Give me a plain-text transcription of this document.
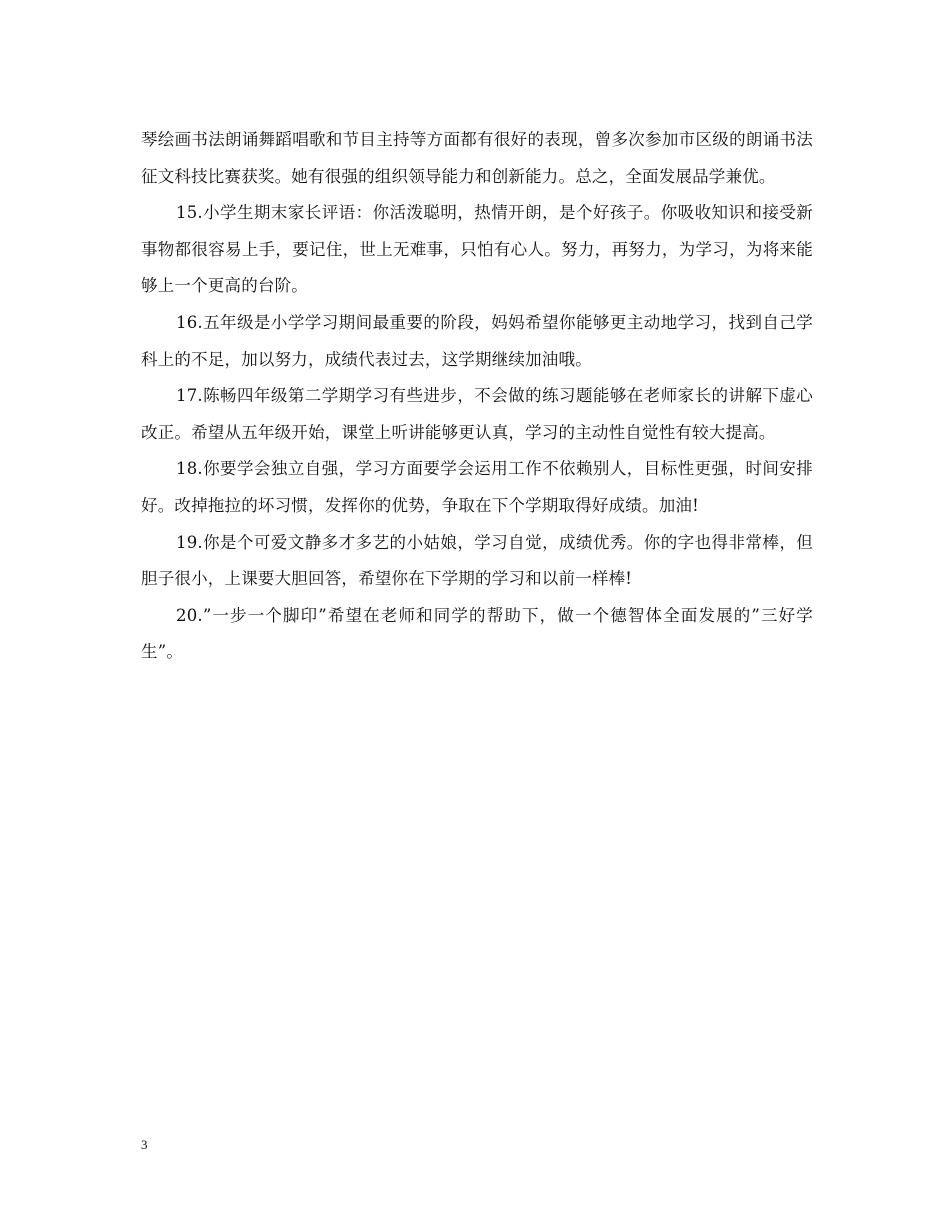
琴绘画书法朗诵舞蹈唱歌和节目主持等方面都有很好的表现，曾多次参加市区级的朗诵书法征文科技比赛获奖。她有很强的组织领导能力和创新能力。总之，全面发展品学兼优。

15.小学生期末家长评语：你活泼聪明，热情开朗，是个好孩子。你吸收知识和接受新事物都很容易上手，要记住，世上无难事，只怕有心人。努力，再努力，为学习，为将来能够上一个更高的台阶。

16.五年级是小学学习期间最重要的阶段，妈妈希望你能够更主动地学习，找到自己学科上的不足，加以努力，成绩代表过去，这学期继续加油哦。

17.陈畅四年级第二学期学习有些进步，不会做的练习题能够在老师家长的讲解下虚心改正。希望从五年级开始，课堂上听讲能够更认真，学习的主动性自觉性有较大提高。

18.你要学会独立自强，学习方面要学会运用工作不依赖别人，目标性更强，时间安排好。改掉拖拉的坏习惯，发挥你的优势，争取在下个学期取得好成绩。加油!

19.你是个可爱文静多才多艺的小姑娘，学习自觉，成绩优秀。你的字也得非常棒，但胆子很小，上课要大胆回答，希望你在下学期的学习和以前一样棒!

20.”一步一个脚印”希望在老师和同学的帮助下，做一个德智体全面发展的”三好学生”。

3
